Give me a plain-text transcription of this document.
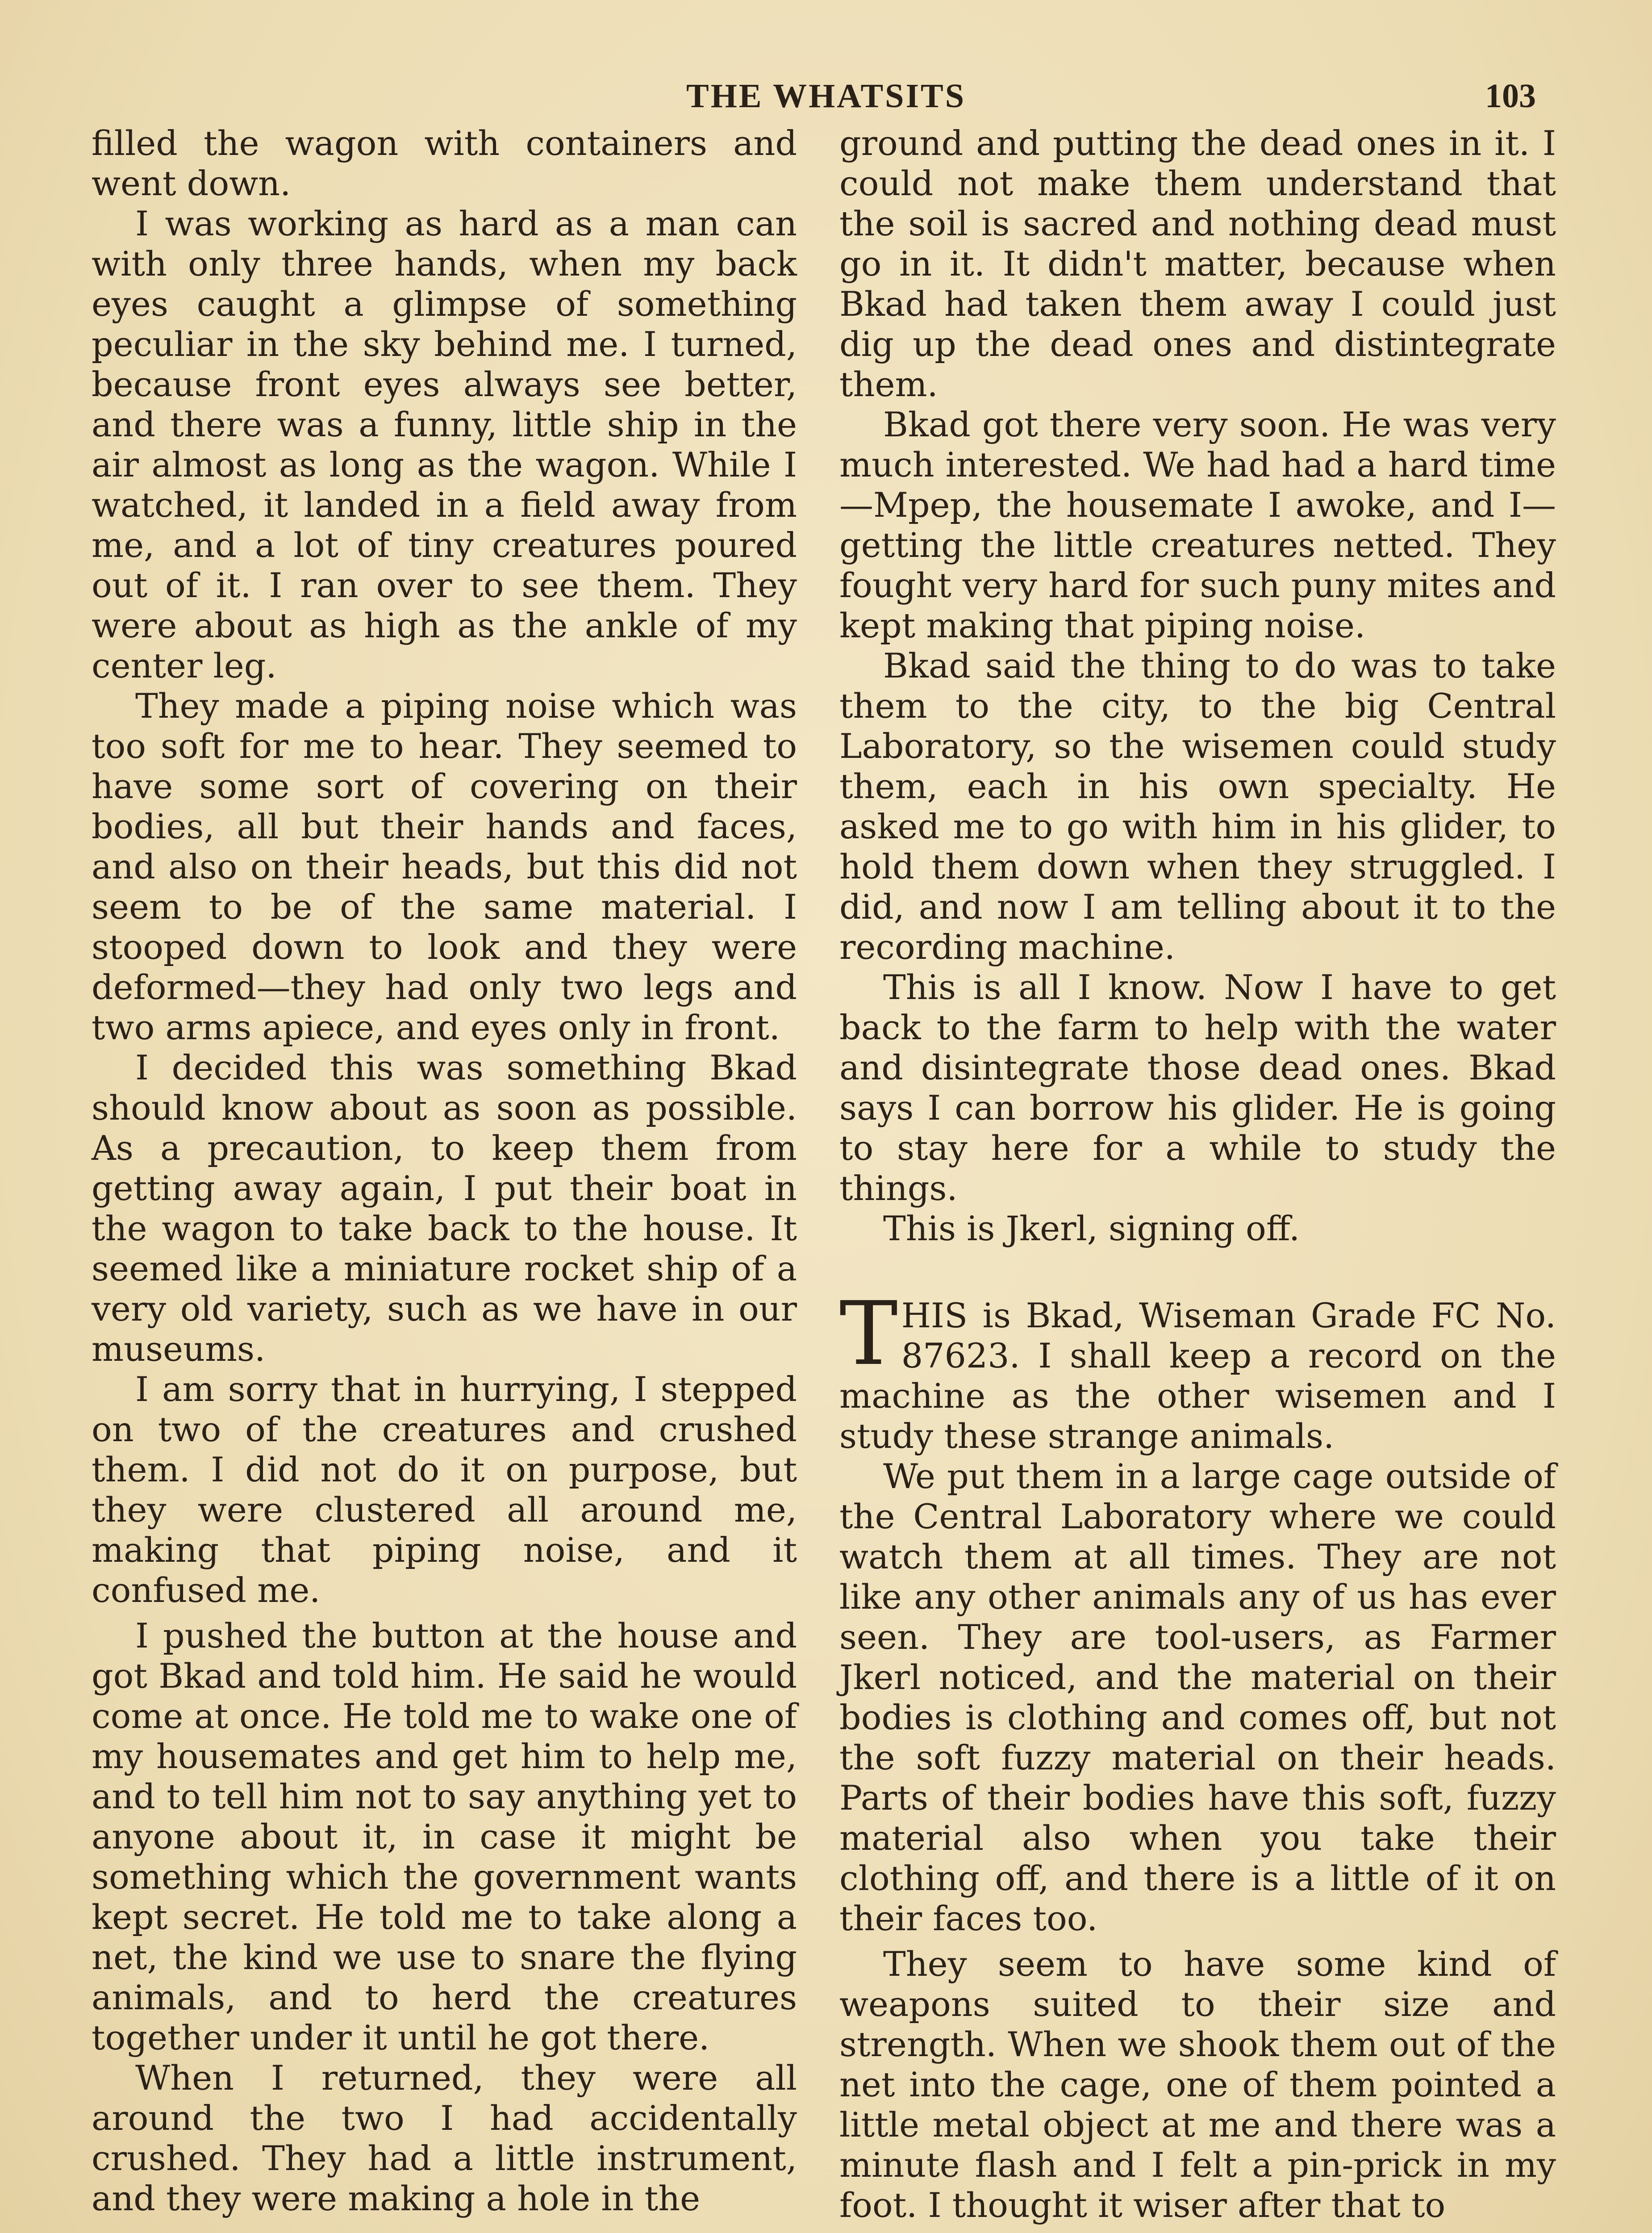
THE WHATSITS	103

filled the wagon with containers and went down.

I was working as hard as a man can with only three hands, when my back eyes caught a glimpse of something peculiar in the sky behind me. I turned, because front eyes always see better, and there was a funny, little ship in the air almost as long as the wagon. While I watched, it landed in a field away from me, and a lot of tiny creatures poured out of it. I ran over to see them. They were about as high as the ankle of my center leg.

They made a piping noise which was too soft for me to hear. They seemed to have some sort of covering on their bodies, all but their hands and faces, and also on their heads, but this did not seem to be of the same material. I stooped down to look and they were deformed—they had only two legs and two arms apiece, and eyes only in front.

I decided this was something Bkad should know about as soon as possible. As a precaution, to keep them from getting away again, I put their boat in the wagon to take back to the house. It seemed like a miniature rocket ship of a very old variety, such as we have in our museums.

I am sorry that in hurrying, I stepped on two of the creatures and crushed them. I did not do it on purpose, but they were clustered all around me, making that piping noise, and it confused me.

I pushed the button at the house and got Bkad and told him. He said he would come at once. He told me to wake one of my housemates and get him to help me, and to tell him not to say anything yet to anyone about it, in case it might be something which the government wants kept secret. He told me to take along a net, the kind we use to snare the flying animals, and to herd the creatures together under it until he got there.

When I returned, they were all around the two I had accidentally crushed. They had a little instrument, and they were making a hole in the

ground and putting the dead ones in it. I could not make them understand that the soil is sacred and nothing dead must go in it. It didn't matter, because when Bkad had taken them away I could just dig up the dead ones and distintegrate them.

Bkad got there very soon. He was very much interested. We had had a hard time—Mpep, the housemate I awoke, and I—getting the little creatures netted. They fought very hard for such puny mites and kept making that piping noise.

Bkad said the thing to do was to take them to the city, to the big Central Laboratory, so the wisemen could study them, each in his own specialty. He asked me to go with him in his glider, to hold them down when they struggled. I did, and now I am telling about it to the recording machine.

This is all I know. Now I have to get back to the farm to help with the water and disintegrate those dead ones. Bkad says I can borrow his glider. He is going to stay here for a while to study the things.

This is Jkerl, signing off.

THIS is Bkad, Wiseman Grade FC No. 87623. I shall keep a record on the machine as the other wisemen and I study these strange animals.

We put them in a large cage outside of the Central Laboratory where we could watch them at all times. They are not like any other animals any of us has ever seen. They are tool-users, as Farmer Jkerl noticed, and the material on their bodies is clothing and comes off, but not the soft fuzzy material on their heads. Parts of their bodies have this soft, fuzzy material also when you take their clothing off, and there is a little of it on their faces too.

They seem to have some kind of weapons suited to their size and strength. When we shook them out of the net into the cage, one of them pointed a little metal object at me and there was a minute flash and I felt a pin-prick in my foot. I thought it wiser after that to
